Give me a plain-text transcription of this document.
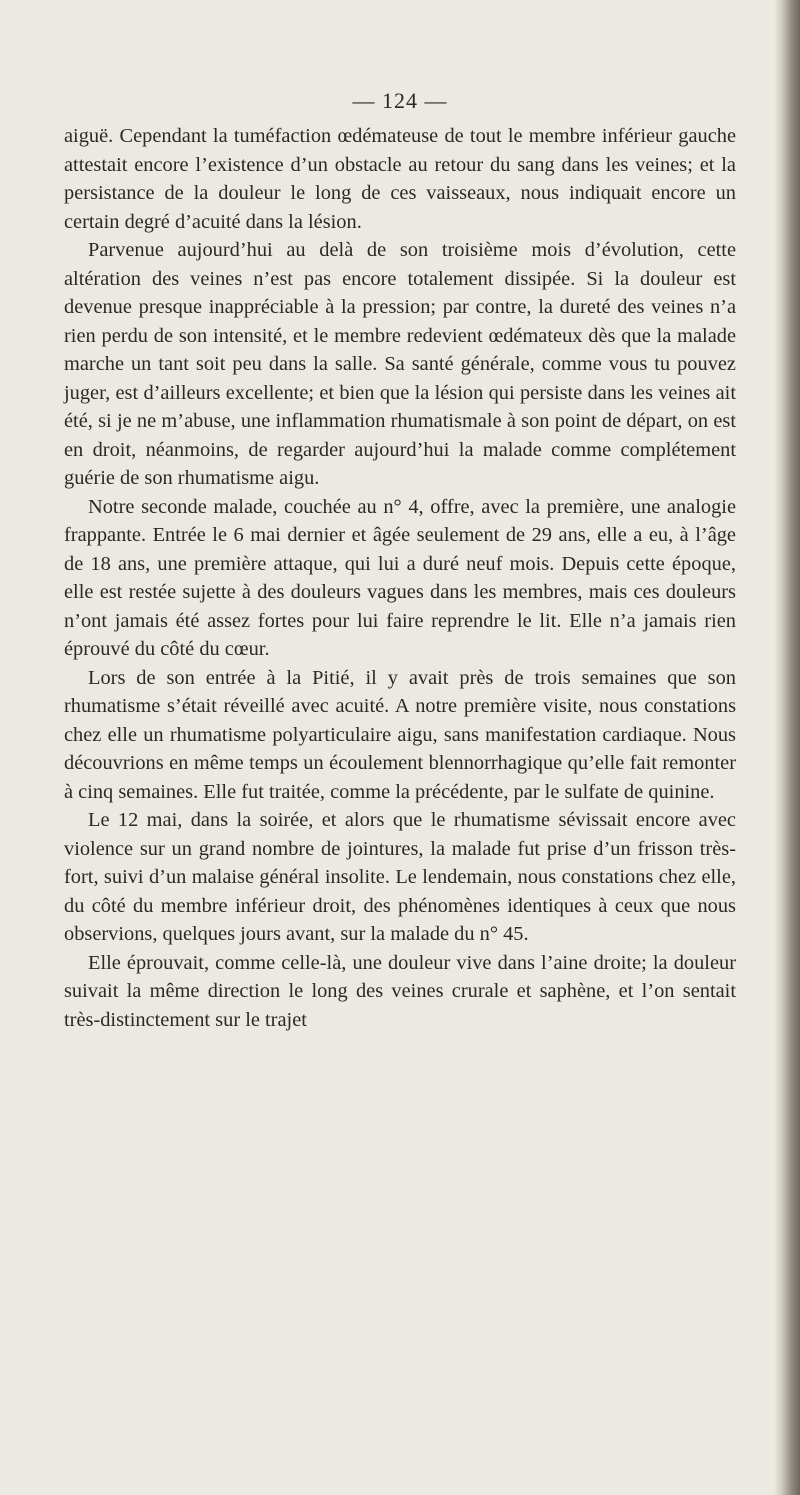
— 124 —

aiguë. Cependant la tuméfaction œdémateuse de tout le membre inférieur gauche attestait encore l’existence d’un obstacle au retour du sang dans les veines; et la persistance de la douleur le long de ces vaisseaux, nous indiquait encore un certain degré d’acuité dans la lésion.

Parvenue aujourd’hui au delà de son troisième mois d’évolution, cette altération des veines n’est pas encore totalement dissipée. Si la douleur est devenue presque inappréciable à la pression; par contre, la dureté des veines n’a rien perdu de son intensité, et le membre redevient œdémateux dès que la malade marche un tant soit peu dans la salle. Sa santé générale, comme vous tu pouvez juger, est d’ailleurs excellente; et bien que la lésion qui persiste dans les veines ait été, si je ne m’abuse, une inflammation rhumatismale à son point de départ, on est en droit, néanmoins, de regarder aujourd’hui la malade comme complétement guérie de son rhumatisme aigu.

Notre seconde malade, couchée au n° 4, offre, avec la première, une analogie frappante. Entrée le 6 mai dernier et âgée seulement de 29 ans, elle a eu, à l’âge de 18 ans, une première attaque, qui lui a duré neuf mois. Depuis cette époque, elle est restée sujette à des douleurs vagues dans les membres, mais ces douleurs n’ont jamais été assez fortes pour lui faire reprendre le lit. Elle n’a jamais rien éprouvé du côté du cœur.

Lors de son entrée à la Pitié, il y avait près de trois semaines que son rhumatisme s’était réveillé avec acuité. A notre première visite, nous constations chez elle un rhumatisme polyarticulaire aigu, sans manifestation cardiaque. Nous découvrions en même temps un écoulement blennorrhagique qu’elle fait remonter à cinq semaines. Elle fut traitée, comme la précédente, par le sulfate de quinine.

Le 12 mai, dans la soirée, et alors que le rhumatisme sévissait encore avec violence sur un grand nombre de jointures, la malade fut prise d’un frisson très-fort, suivi d’un malaise général insolite. Le lendemain, nous constations chez elle, du côté du membre inférieur droit, des phénomènes identiques à ceux que nous observions, quelques jours avant, sur la malade du n° 45.

Elle éprouvait, comme celle-là, une douleur vive dans l’aine droite; la douleur suivait la même direction le long des veines crurale et saphène, et l’on sentait très-distinctement sur le trajet
